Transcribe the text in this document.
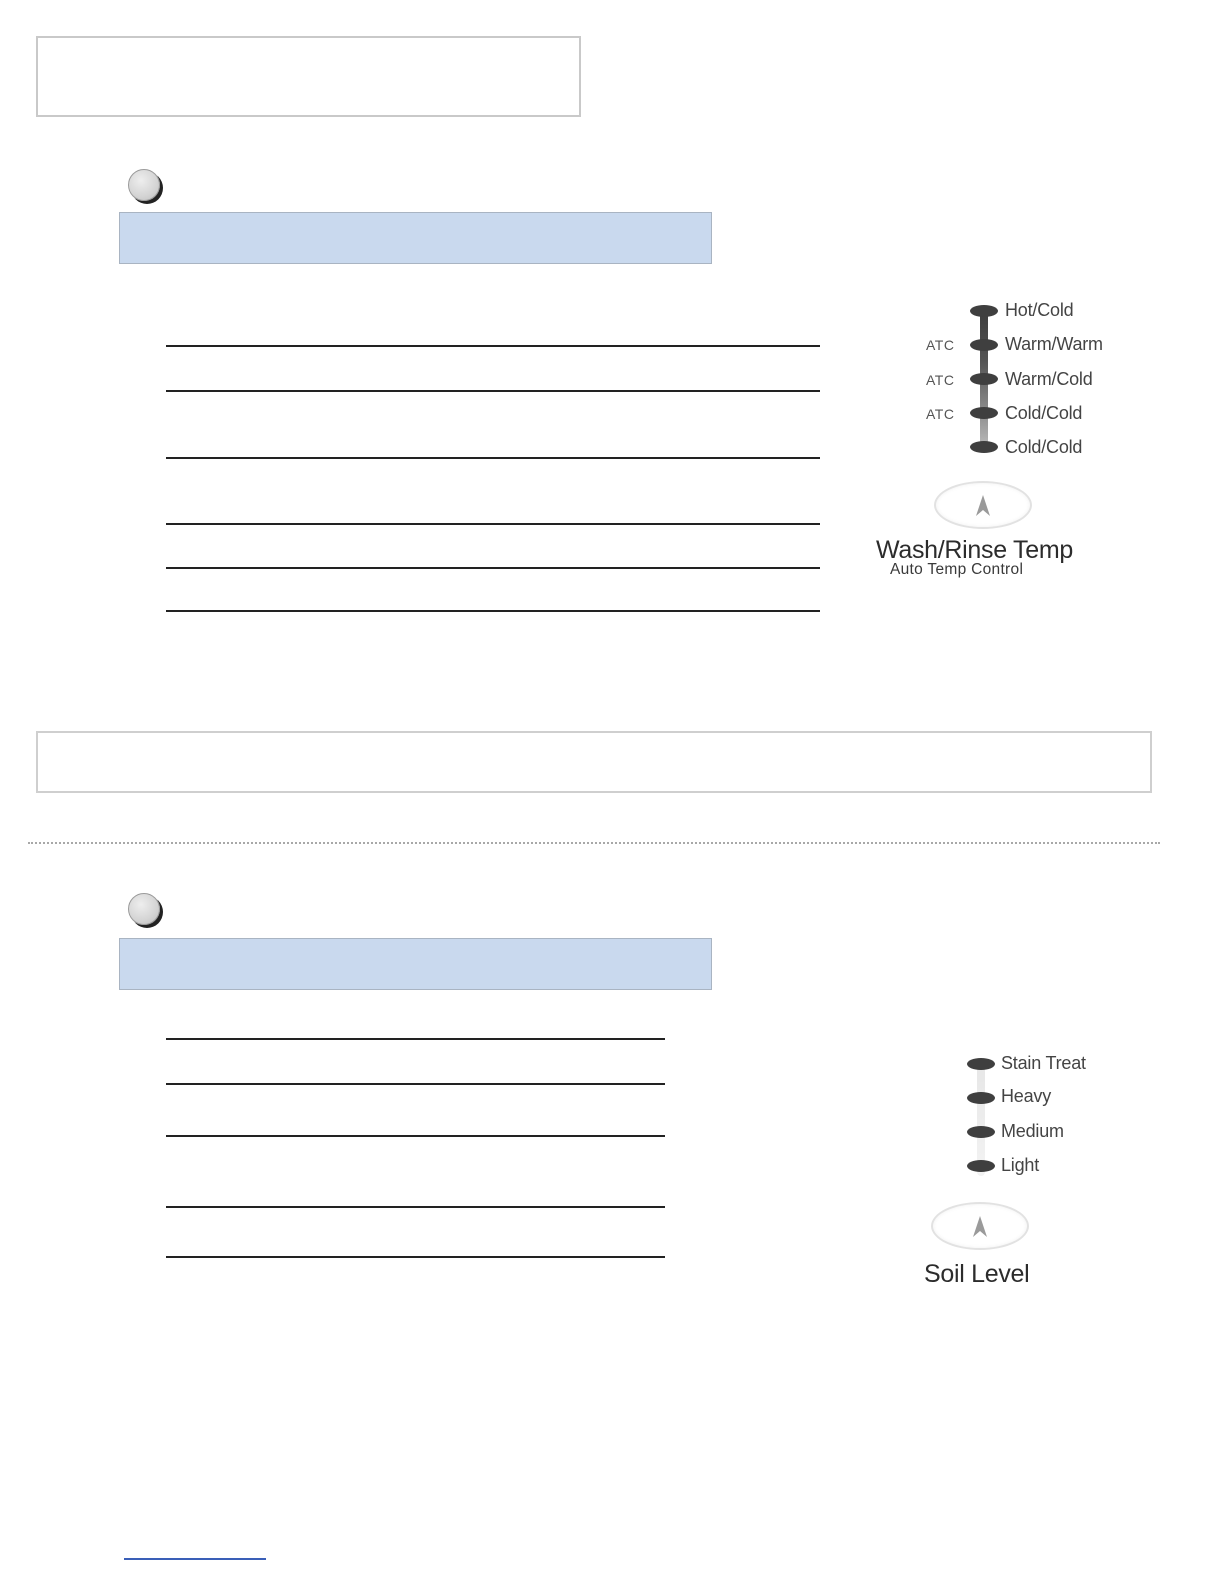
Hot/Cold
Warm/Warm
Warm/Cold
Cold/Cold
Cold/Cold
ATC
ATC
ATC
Wash/Rinse Temp
Auto Temp Control
Stain Treat
Heavy
Medium
Light
Soil Level
